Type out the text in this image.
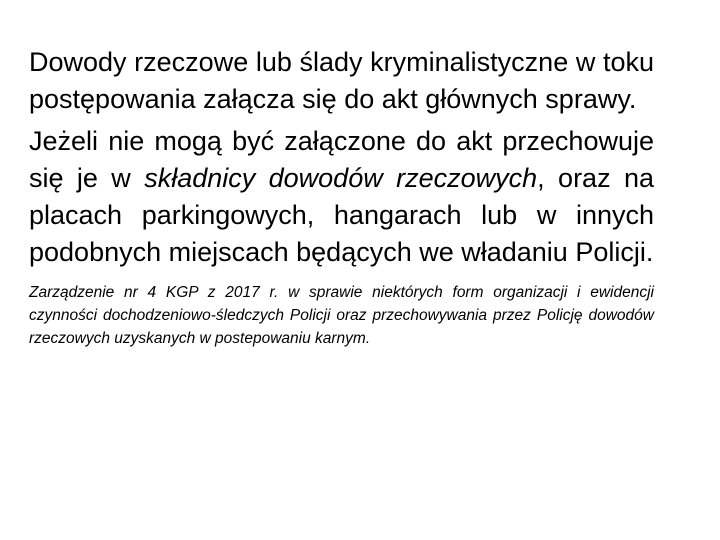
Dowody rzeczowe lub ślady kryminalistyczne w toku postępowania załącza się do akt głównych sprawy.

Jeżeli nie mogą być załączone do akt przechowuje się je w składnicy dowodów rzeczowych, oraz na placach parkingowych, hangarach lub w innych podobnych miejscach będących we władaniu Policji.

Zarządzenie nr 4 KGP z 2017 r. w sprawie niektórych form organizacji i ewidencji czynności dochodzeniowo-śledczych Policji oraz przechowywania przez Policję dowodów rzeczowych uzyskanych w postepowaniu karnym.
